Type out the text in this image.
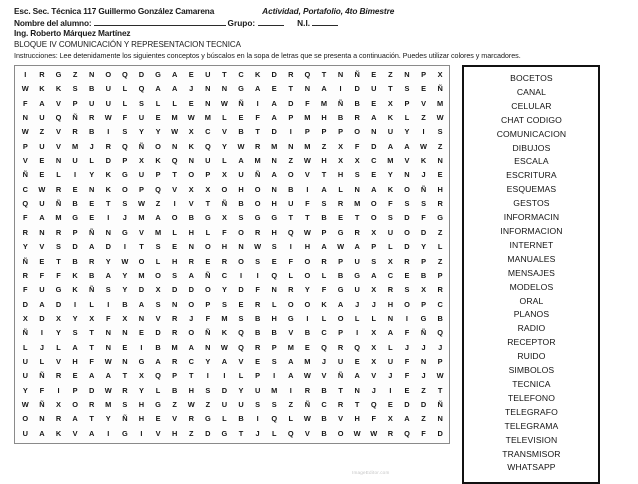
Esc. Sec. Técnica 117 Guillermo González Camarena	Actividad, Portafolio, 4to Bimestre
Nombre del alumno:	Grupo:	N.I.
Ing. Roberto Márquez Martínez
BLOQUE IV COMUNICACIÓN Y REPRESENTACION TECNICA
Instrucciones: Lee detenidamente los siguientes conceptos y búscalos en la sopa de letras que se presenta a continuación. Puedes utilizar colores y marcadores.
I	R	G	Z	N	O	Q	D	G	A	E	U	T	C	K	D	R	Q	T	N	Ñ	E	Z	N	P	X
W	K	K	S	B	U	L	Q	A	A	J	N	N	G	A	E	T	N	A	I	D	U	T	S	E	Ñ
F	A	V	P	U	U	L	S	L	L	E	N	W	Ñ	I	A	D	F	M	Ñ	B	E	X	P	V	M
N	U	Q	Ñ	R	W	F	U	E	M	W	M	L	E	F	A	P	M	H	B	R	A	K	L	Z	W
W	Z	V	R	B	I	S	Y	Y	W	X	C	V	B	T	D	I	P	P	P	O	N	U	Y	I	S
P	U	V	M	J	R	Q	Ñ	O	N	K	Q	Y	W	R	M	N	M	Z	X	F	D	A	A	W	Z
V	E	N	U	L	D	P	X	K	Q	N	U	L	A	M	N	Z	W	H	X	X	C	M	V	K	N
Ñ	E	L	I	Y	K	G	U	P	T	O	P	X	U	Ñ	A	O	V	T	H	S	E	Y	N	J	E
C	W	R	E	N	K	O	P	Q	V	X	X	O	H	O	N	B	I	A	L	N	A	K	O	Ñ	H
Q	U	Ñ	B	E	T	S	W	Z	I	V	T	Ñ	B	O	H	U	F	S	R	M	O	F	S	S	R
F	A	M	G	E	I	J	M	A	O	B	G	X	S	G	G	T	T	B	E	T	O	S	D	F	G
R	N	R	P	Ñ	N	G	V	M	L	H	L	F	O	R	H	Q	W	P	G	R	X	U	O	D	Z
Y	V	S	D	A	D	I	T	S	E	N	O	H	N	W	S	I	H	A	W	A	P	L	D	Y	L
Ñ	E	T	B	R	Y	W	O	L	H	R	E	R	O	S	E	F	O	R	P	U	S	X	R	P	Z
R	F	F	K	B	A	Y	M	O	S	A	Ñ	C	I	I	Q	L	O	L	B	G	A	C	E	B	P
F	U	G	K	Ñ	S	Y	D	X	D	D	O	Y	D	F	N	R	Y	F	G	U	X	R	S	X	R
D	A	D	I	L	I	B	A	S	N	O	P	S	E	R	L	O	O	K	A	J	J	H	O	P	C
X	D	X	Y	X	F	X	N	V	R	J	F	M	S	B	H	G	I	L	O	L	L	N	I	G	B
Ñ	I	Y	S	T	N	N	E	D	R	O	Ñ	K	Q	B	B	V	B	C	P	I	X	A	F	Ñ	Q
L	J	L	A	T	N	E	I	B	M	A	N	W	Q	R	P	M	E	Q	R	Q	X	L	J	J	J
U	L	V	H	F	W	N	G	A	R	C	Y	A	V	E	S	A	M	J	U	E	X	U	F	N	P
U	Ñ	R	E	A	A	T	X	Q	P	T	I	I	L	P	I	A	W	V	Ñ	A	V	J	F	J	W
Y	F	I	P	D	W	R	Y	L	B	H	S	D	Y	U	M	I	R	B	T	N	J	I	E	Z	T
W	Ñ	X	O	R	M	S	H	G	Z	W	Z	U	U	S	S	Z	Ñ	C	R	T	Q	E	D	D	Ñ
O	N	R	A	T	Y	Ñ	H	E	V	R	G	L	B	I	Q	L	W	B	V	H	F	X	A	Z	N
U	A	K	V	A	I	G	I	V	H	Z	D	G	T	J	L	Q	V	B	O	W	W	R	Q	F	D
BOCETOS
CANAL
CELULAR
CHAT CODIGO
COMUNICACION
DIBUJOS
ESCALA
ESCRITURA
ESQUEMAS
GESTOS
INFORMACIN
INFORMACION
INTERNET
MANUALES
MENSAJES
MODELOS
ORAL
PLANOS
RADIO
RECEPTOR
RUIDO
SIMBOLOS
TECNICA
TELEFONO
TELEGRAFO
TELEGRAMA
TELEVISION
TRANSMISOR
WHATSAPP
ImageEditor.com
